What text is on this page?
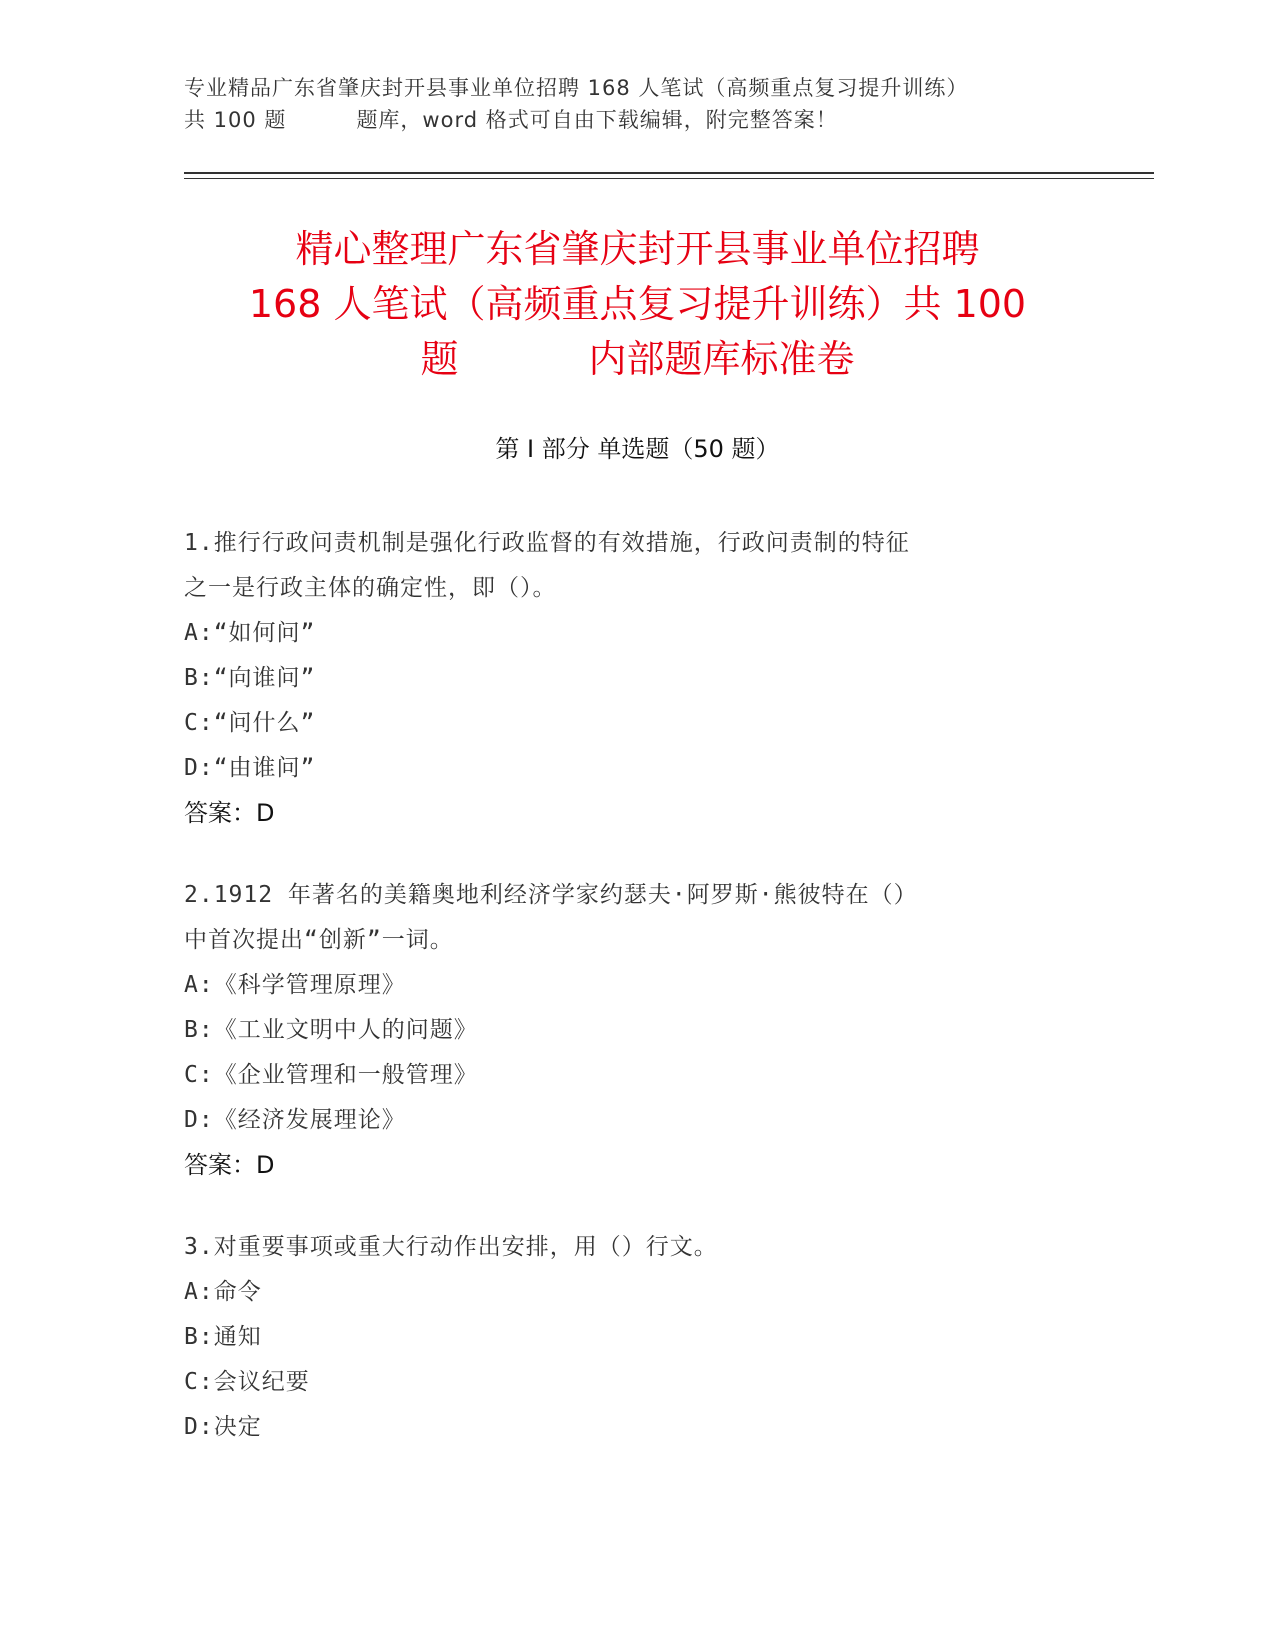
专业精品广东省肇庆封开县事业单位招聘 168 人笔试（高频重点复习提升训练）
共 100 题	题库，word 格式可自由下载编辑，附完整答案！
精心整理广东省肇庆封开县事业单位招聘
168 人笔试（高频重点复习提升训练）共 100
题	内部题库标准卷
第 I 部分 单选题（50 题）
1.推行行政问责机制是强化行政监督的有效措施，行政问责制的特征
之一是行政主体的确定性，即（）。
A:“如何问”
B:“向谁问”
C:“问什么”
D:“由谁问”
答案：D
2.1912 年著名的美籍奥地利经济学家约瑟夫·阿罗斯·熊彼特在（）
中首次提出“创新”一词。
A:《科学管理原理》
B:《工业文明中人的问题》
C:《企业管理和一般管理》
D:《经济发展理论》
答案：D
3.对重要事项或重大行动作出安排，用（）行文。
A:命令
B:通知
C:会议纪要
D:决定
